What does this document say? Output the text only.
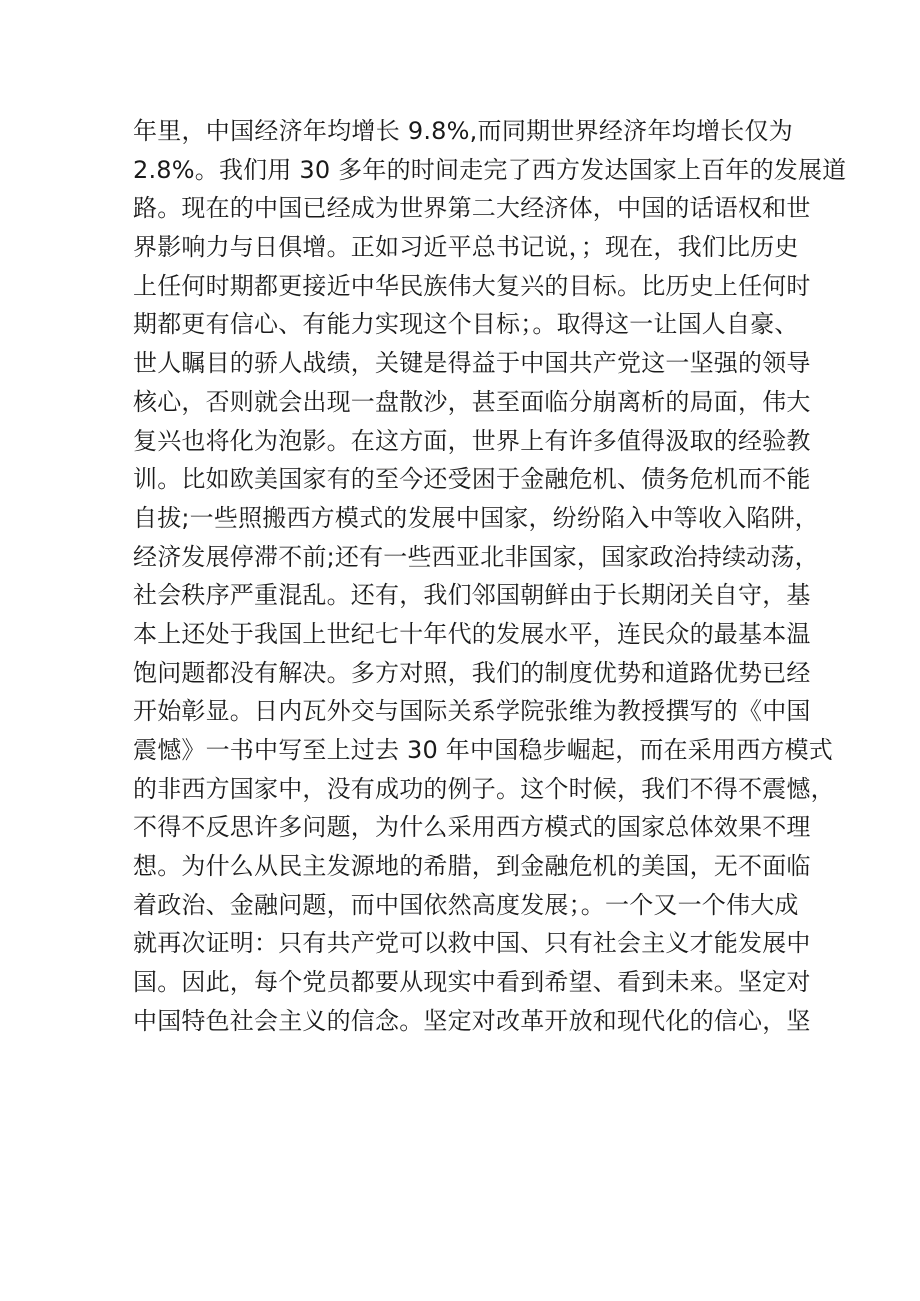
年里，中国经济年均增长 9.8%,而同期世界经济年均增长仅为
2.8%。我们用 30 多年的时间走完了西方发达国家上百年的发展道
路。现在的中国已经成为世界第二大经济体，中国的话语权和世
界影响力与日俱增。正如习近平总书记说，；现在，我们比历史
上任何时期都更接近中华民族伟大复兴的目标。比历史上任何时
期都更有信心、有能力实现这个目标；。取得这一让国人自豪、
世人瞩目的骄人战绩，关键是得益于中国共产党这一坚强的领导
核心，否则就会出现一盘散沙，甚至面临分崩离析的局面，伟大
复兴也将化为泡影。在这方面，世界上有许多值得汲取的经验教
训。比如欧美国家有的至今还受困于金融危机、债务危机而不能
自拔;一些照搬西方模式的发展中国家，纷纷陷入中等收入陷阱，
经济发展停滞不前;还有一些西亚北非国家，国家政治持续动荡，
社会秩序严重混乱。还有，我们邻国朝鲜由于长期闭关自守，基
本上还处于我国上世纪七十年代的发展水平，连民众的最基本温
饱问题都没有解决。多方对照，我们的制度优势和道路优势已经
开始彰显。日内瓦外交与国际关系学院张维为教授撰写的《中国
震憾》一书中写至上过去 30 年中国稳步崛起，而在采用西方模式
的非西方国家中，没有成功的例子。这个时候，我们不得不震憾，
不得不反思许多问题，为什么采用西方模式的国家总体效果不理
想。为什么从民主发源地的希腊，到金融危机的美国，无不面临
着政治、金融问题，而中国依然高度发展；。一个又一个伟大成
就再次证明：只有共产党可以救中国、只有社会主义才能发展中
国。因此，每个党员都要从现实中看到希望、看到未来。坚定对
中国特色社会主义的信念。坚定对改革开放和现代化的信心，坚
